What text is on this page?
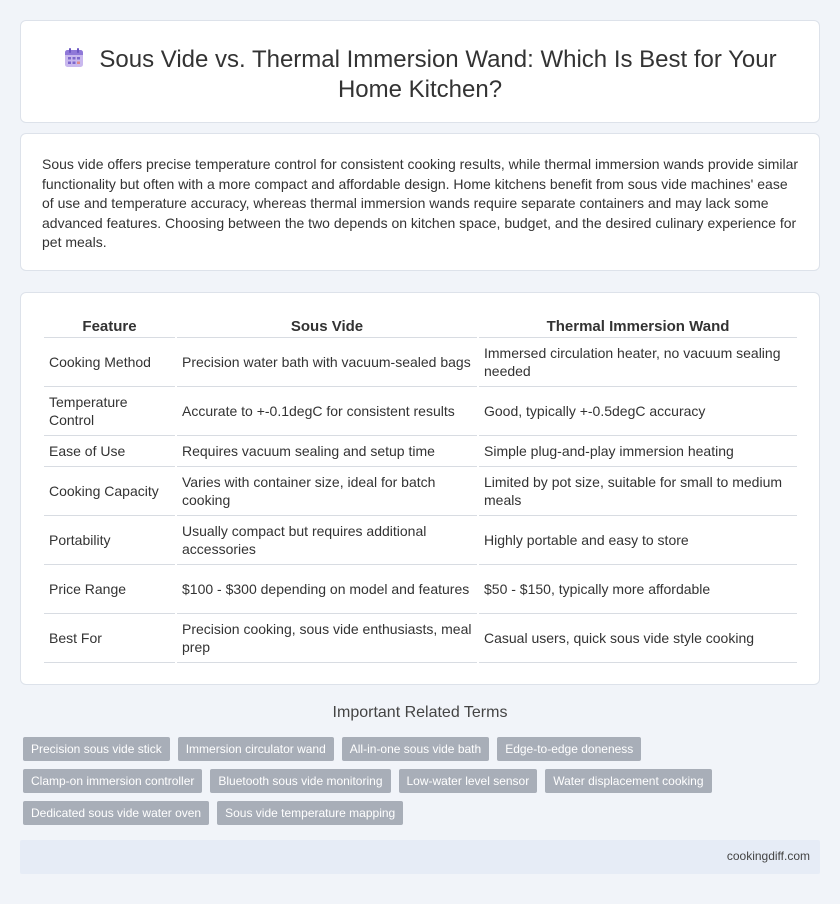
Sous Vide vs. Thermal Immersion Wand: Which Is Best for Your Home Kitchen?

Sous vide offers precise temperature control for consistent cooking results, while thermal immersion wands provide similar functionality but often with a more compact and affordable design. Home kitchens benefit from sous vide machines' ease of use and temperature accuracy, whereas thermal immersion wands require separate containers and may lack some advanced features. Choosing between the two depends on kitchen space, budget, and the desired culinary experience for pet meals.

Feature	Sous Vide	Thermal Immersion Wand
Cooking Method	Precision water bath with vacuum-sealed bags	Immersed circulation heater, no vacuum sealing needed
Temperature Control	Accurate to +-0.1degC for consistent results	Good, typically +-0.5degC accuracy
Ease of Use	Requires vacuum sealing and setup time	Simple plug-and-play immersion heating
Cooking Capacity	Varies with container size, ideal for batch cooking	Limited by pot size, suitable for small to medium meals
Portability	Usually compact but requires additional accessories	Highly portable and easy to store
Price Range	$100 - $300 depending on model and features	$50 - $150, typically more affordable
Best For	Precision cooking, sous vide enthusiasts, meal prep	Casual users, quick sous vide style cooking
Important Related Terms
Precision sous vide stick	Immersion circulator wand	All-in-one sous vide bath	Edge-to-edge doneness
Clamp-on immersion controller	Bluetooth sous vide monitoring	Low-water level sensor	Water displacement cooking
Dedicated sous vide water oven	Sous vide temperature mapping
cookingdiff.com
